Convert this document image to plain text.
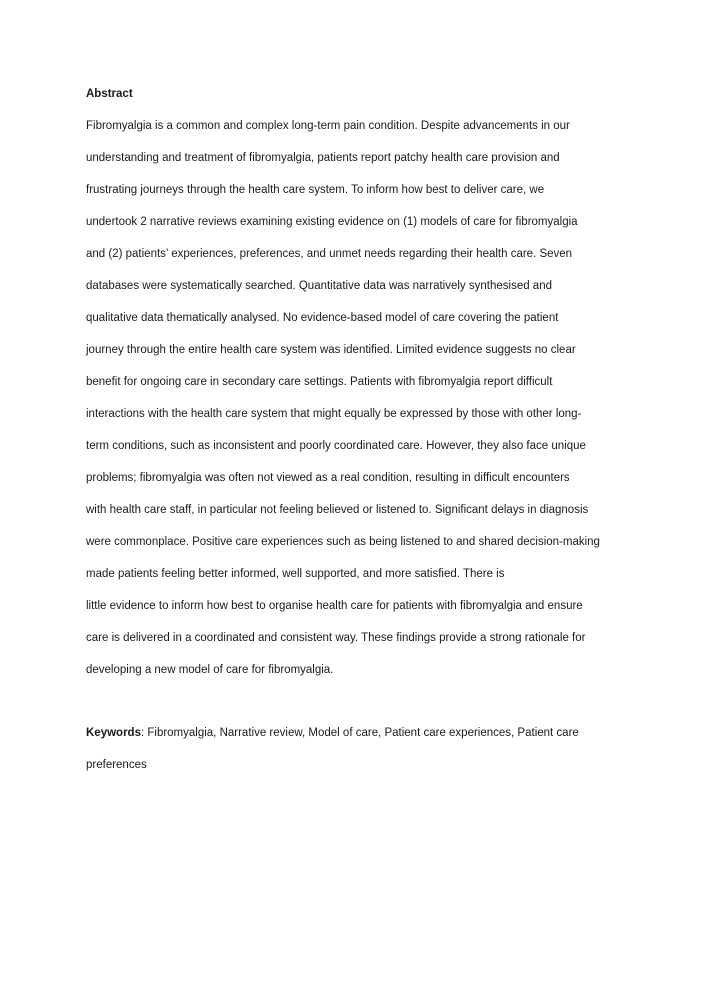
Abstract
Fibromyalgia is a common and complex long-term pain condition. Despite advancements in our
understanding and treatment of fibromyalgia, patients report patchy health care provision and
frustrating journeys through the health care system. To inform how best to deliver care, we
undertook 2 narrative reviews examining existing evidence on (1) models of care for fibromyalgia
and (2) patients’ experiences, preferences, and unmet needs regarding their health care. Seven
databases were systematically searched. Quantitative data was narratively synthesised and
qualitative data thematically analysed. No evidence-based model of care covering the patient
journey through the entire health care system was identified. Limited evidence suggests no clear
benefit for ongoing care in secondary care settings. Patients with fibromyalgia report difficult
interactions with the health care system that might equally be expressed by those with other long-
term conditions, such as inconsistent and poorly coordinated care. However, they also face unique
problems; fibromyalgia was often not viewed as a real condition, resulting in difficult encounters
with health care staff, in particular not feeling believed or listened to. Significant delays in diagnosis
were commonplace. Positive care experiences such as being listened to and shared decision-making
made patients feeling better informed, well supported, and more satisfied. There is
little evidence to inform how best to organise health care for patients with fibromyalgia and ensure
care is delivered in a coordinated and consistent way. These findings provide a strong rationale for
developing a new model of care for fibromyalgia.
Keywords: Fibromyalgia, Narrative review, Model of care, Patient care experiences, Patient care
preferences
